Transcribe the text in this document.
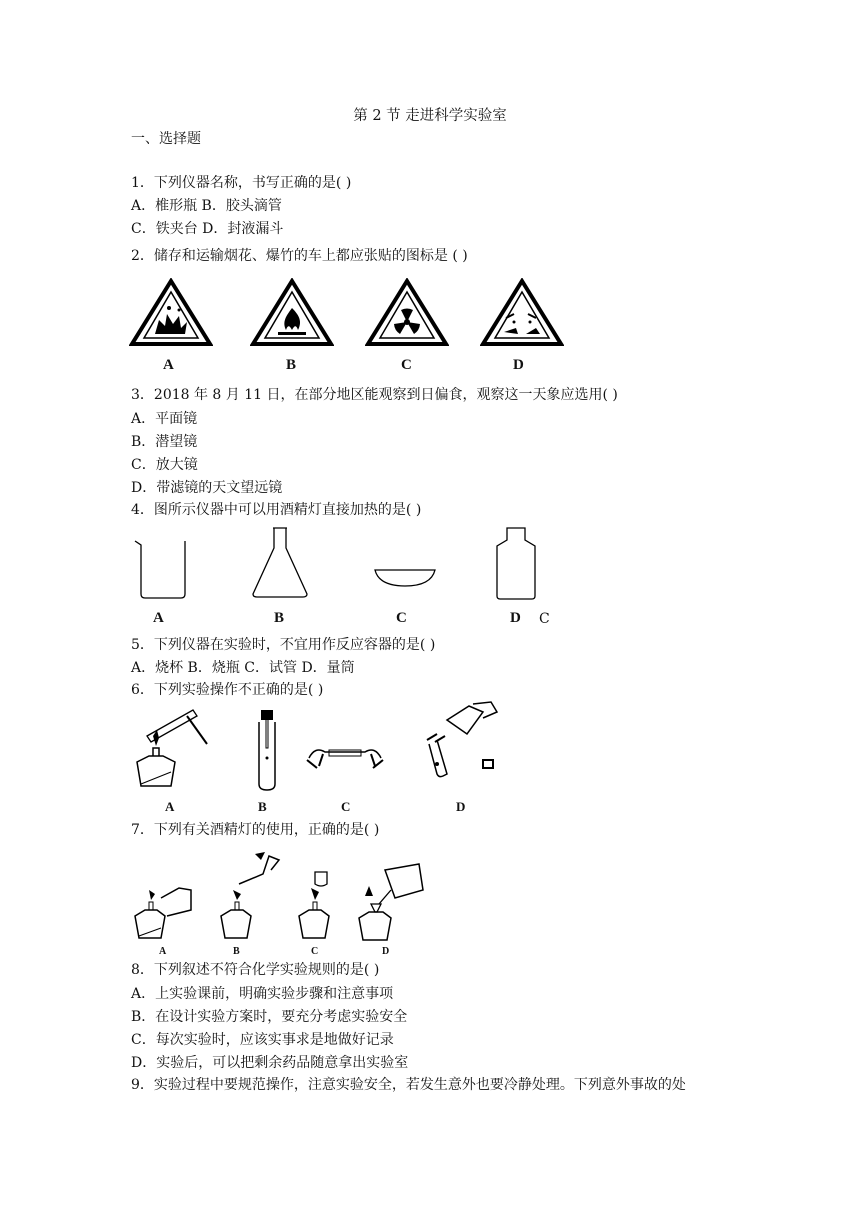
第 2 节 走进科学实验室
一、选择题
1．下列仪器名称，书写正确的是( )
A．椎形瓶 B．胶头滴管
C．铁夹台 D．封液漏斗
2．储存和运输烟花、爆竹的车上都应张贴的图标是 ( )
A	B	C	D
3．2018 年 8 月 11 日，在部分地区能观察到日偏食，观察这一天象应选用( )
A．平面镜
B．潜望镜
C．放大镜
D．带滤镜的天文望远镜
4．图所示仪器中可以用酒精灯直接加热的是( )
A	B	C	D C
5．下列仪器在实验时，不宜用作反应容器的是( )
A．烧杯 B．烧瓶 C．试管 D．量筒
6．下列实验操作不正确的是( )
A	B	C	D
7．下列有关酒精灯的使用，正确的是( )
A	B	C	D
8．下列叙述不符合化学实验规则的是( )
A．上实验课前，明确实验步骤和注意事项
B．在设计实验方案时，要充分考虑实验安全
C．每次实验时，应该实事求是地做好记录
D．实验后，可以把剩余药品随意拿出实验室
9．实验过程中要规范操作，注意实验安全，若发生意外也要冷静处理。下列意外事故的处
